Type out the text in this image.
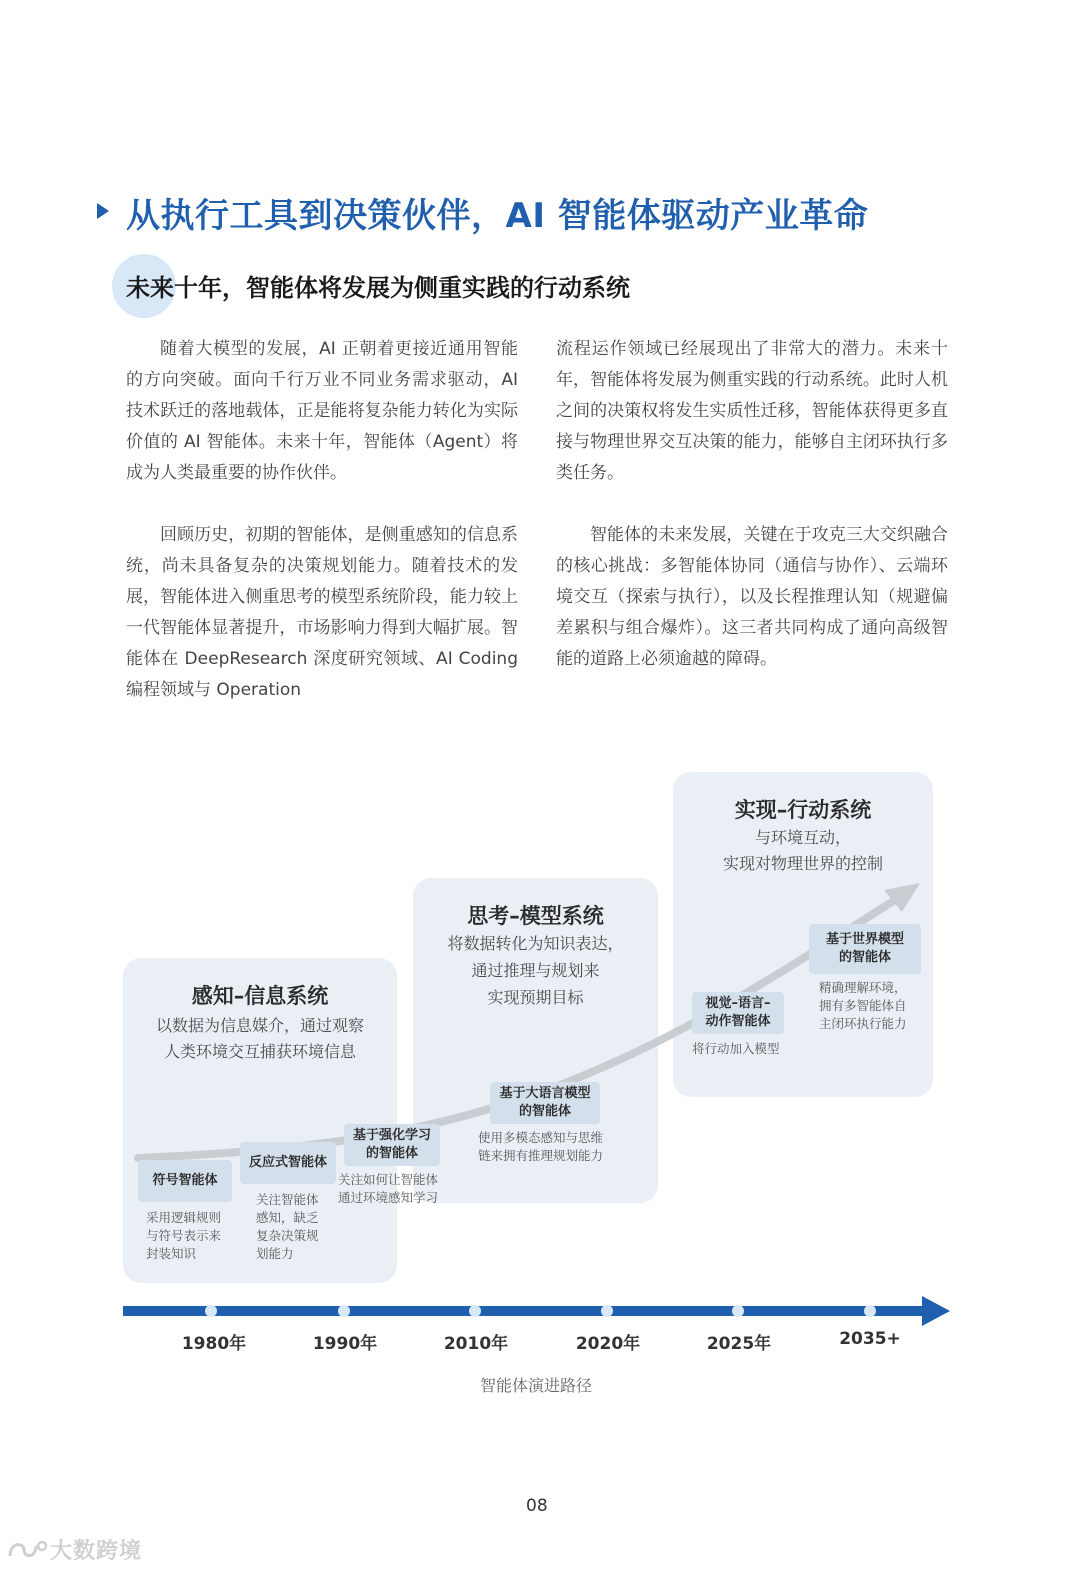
从执行工具到决策伙伴，AI 智能体驱动产业革命
未来十年，智能体将发展为侧重实践的行动系统
随着大模型的发展，AI 正朝着更接近通用智能的方向突破。面向千行万业不同业务需求驱动，AI 技术跃迁的落地载体，正是能将复杂能力转化为实际价值的 AI 智能体。未来十年，智能体（Agent）将成为人类最重要的协作伙伴。
回顾历史，初期的智能体，是侧重感知的信息系统，尚未具备复杂的决策规划能力。随着技术的发展，智能体进入侧重思考的模型系统阶段，能力较上一代智能体显著提升，市场影响力得到大幅扩展。智能体在 DeepResearch 深度研究领域、AI Coding 编程领域与 Operation
流程运作领域已经展现出了非常大的潜力。未来十年，智能体将发展为侧重实践的行动系统。此时人机之间的决策权将发生实质性迁移，智能体获得更多直接与物理世界交互决策的能力，能够自主闭环执行多类任务。
智能体的未来发展，关键在于攻克三大交织融合的核心挑战：多智能体协同（通信与协作）、云端环境交互（探索与执行），以及长程推理认知（规避偏差累积与组合爆炸）。这三者共同构成了通向高级智能的道路上必须逾越的障碍。
感知–信息系统
以数据为信息媒介，通过观察
人类环境交互捕获环境信息
思考–模型系统
将数据转化为知识表达，
通过推理与规划来
实现预期目标
实现–行动系统
与环境互动，
实现对物理世界的控制
符号智能体
采用逻辑规则
与符号表示来
封装知识
反应式智能体
关注智能体
感知，缺乏
复杂决策规
划能力
基于强化学习
的智能体
关注如何让智能体
通过环境感知学习
基于大语言模型
的智能体
使用多模态感知与思维
链来拥有推理规划能力
视觉–语言–
动作智能体
将行动加入模型
基于世界模型
的智能体
精确理解环境，
拥有多智能体自
主闭环执行能力
1980年	1990年	2010年	2020年	2025年	2035+
智能体演进路径
08
大数跨境
